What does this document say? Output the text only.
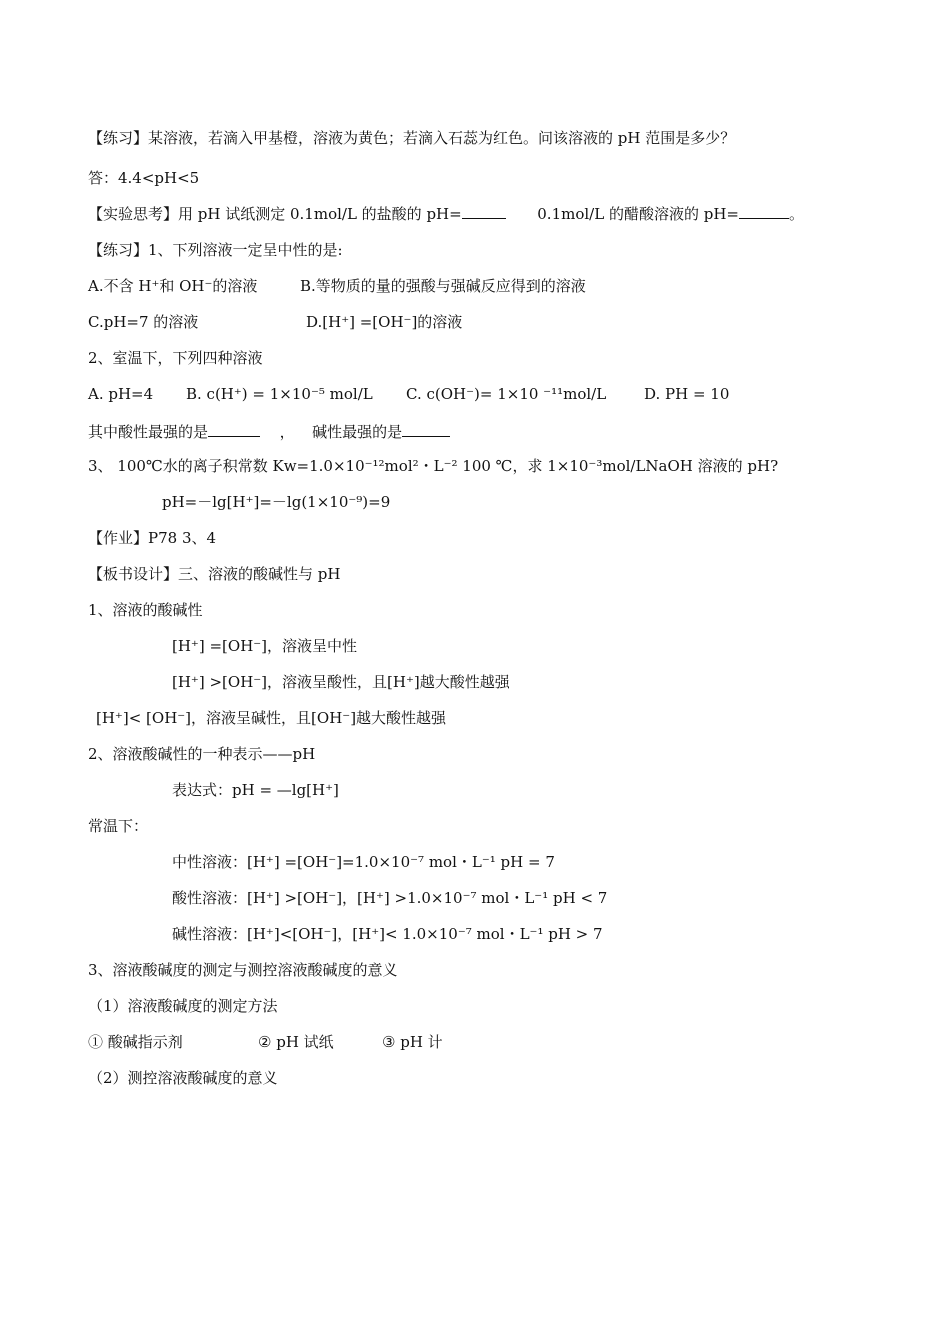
【练习】某溶液，若滴入甲基橙，溶液为黄色；若滴入石蕊为红色。问该溶液的 pH 范围是多少？
答：4.4<pH<5
【实验思考】用 pH 试纸测定 0.1mol/L 的盐酸的 pH=	0.1mol/L 的醋酸溶液的 pH=	。
【练习】1、下列溶液一定呈中性的是:
A.不含 H⁺和 OH⁻的溶液	B.等物质的量的强酸与强碱反应得到的溶液
C.pH=7 的溶液	D.[H⁺] =[OH⁻]的溶液
2、室温下，下列四种溶液
A. pH=4 B. c(H⁺) = 1×10⁻⁵ mol/L C. c(OH⁻)= 1×10 ⁻¹¹mol/L	D. PH = 10
其中酸性最强的是	， 碱性最强的是
3、 100℃水的离子积常数 Kw=1.0×10⁻¹²mol²・L⁻² 100 ℃，求 1×10⁻³mol/LNaOH 溶液的 pH?
pH=－lg[H⁺]=－lg(1×10⁻⁹)=9
【作业】P78 3、4
【板书设计】三、溶液的酸碱性与 pH
1、溶液的酸碱性
[H⁺] =[OH⁻]，溶液呈中性
[H⁺] >[OH⁻]，溶液呈酸性，且[H⁺]越大酸性越强
[H⁺]< [OH⁻]，溶液呈碱性，且[OH⁻]越大酸性越强
2、溶液酸碱性的一种表示——pH
表达式：pH = —lg[H⁺]
常温下：
中性溶液：[H⁺] =[OH⁻]=1.0×10⁻⁷ mol・L⁻¹ pH = 7
酸性溶液：[H⁺] >[OH⁻]，[H⁺] >1.0×10⁻⁷ mol・L⁻¹ pH < 7
碱性溶液：[H⁺]<[OH⁻]，[H⁺]< 1.0×10⁻⁷ mol・L⁻¹ pH > 7
3、溶液酸碱度的测定与测控溶液酸碱度的意义
（1）溶液酸碱度的测定方法
① 酸碱指示剂	② pH 试纸	③ pH 计
（2）测控溶液酸碱度的意义
